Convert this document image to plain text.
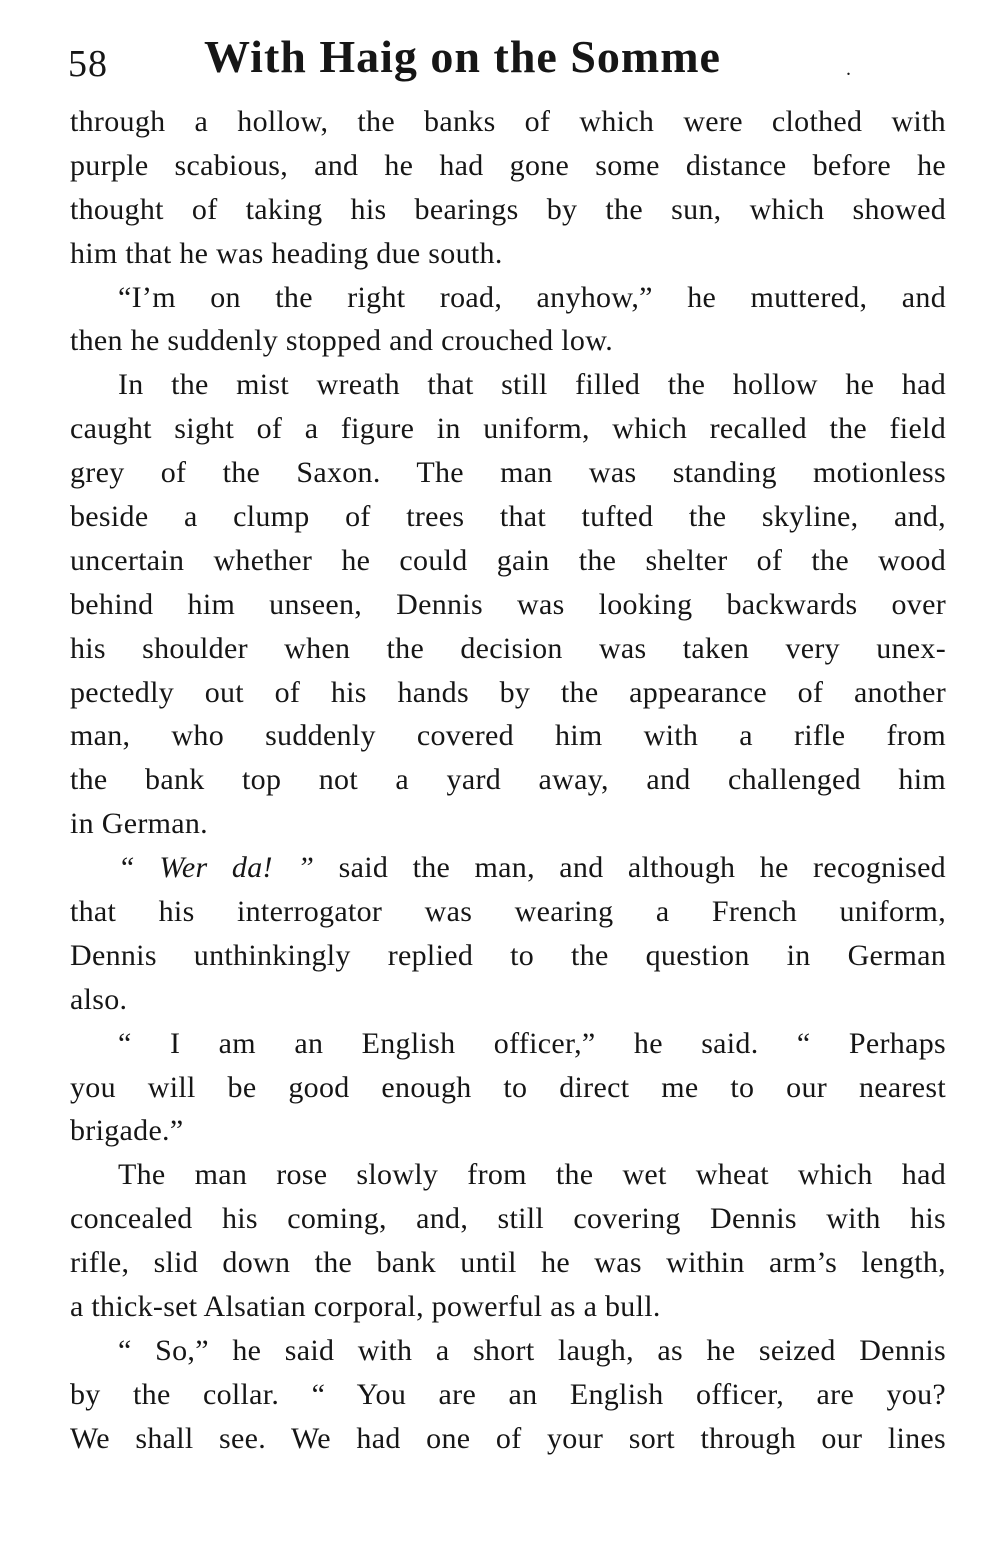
58 With Haig on the Somme	.
through a hollow, the banks of which were clothed with
purple scabious, and he had gone some distance before he
thought of taking his bearings by the sun, which showed
him that he was heading due south.
“I’m on the right road, anyhow,” he muttered, and
then he suddenly stopped and crouched low.
In the mist wreath that still filled the hollow he had
caught sight of a figure in uniform, which recalled the field
grey of the Saxon. The man was standing motionless
beside a clump of trees that tufted the skyline, and,
uncertain whether he could gain the shelter of the wood
behind him unseen, Dennis was looking backwards over
his shoulder when the decision was taken very unex-
pectedly out of his hands by the appearance of another
man, who suddenly covered him with a rifle from
the bank top not a yard away, and challenged him
in German.
“ Wer da! ” said the man, and although he recognised
that his interrogator was wearing a French uniform,
Dennis unthinkingly replied to the question in German
also.
“ I am an English officer,” he said. “ Perhaps
you will be good enough to direct me to our nearest
brigade.”
The man rose slowly from the wet wheat which had
concealed his coming, and, still covering Dennis with his
rifle, slid down the bank until he was within arm’s length,
a thick-set Alsatian corporal, powerful as a bull.
“ So,” he said with a short laugh, as he seized Dennis
by the collar. “ You are an English officer, are you?
We shall see. We had one of your sort through our lines
